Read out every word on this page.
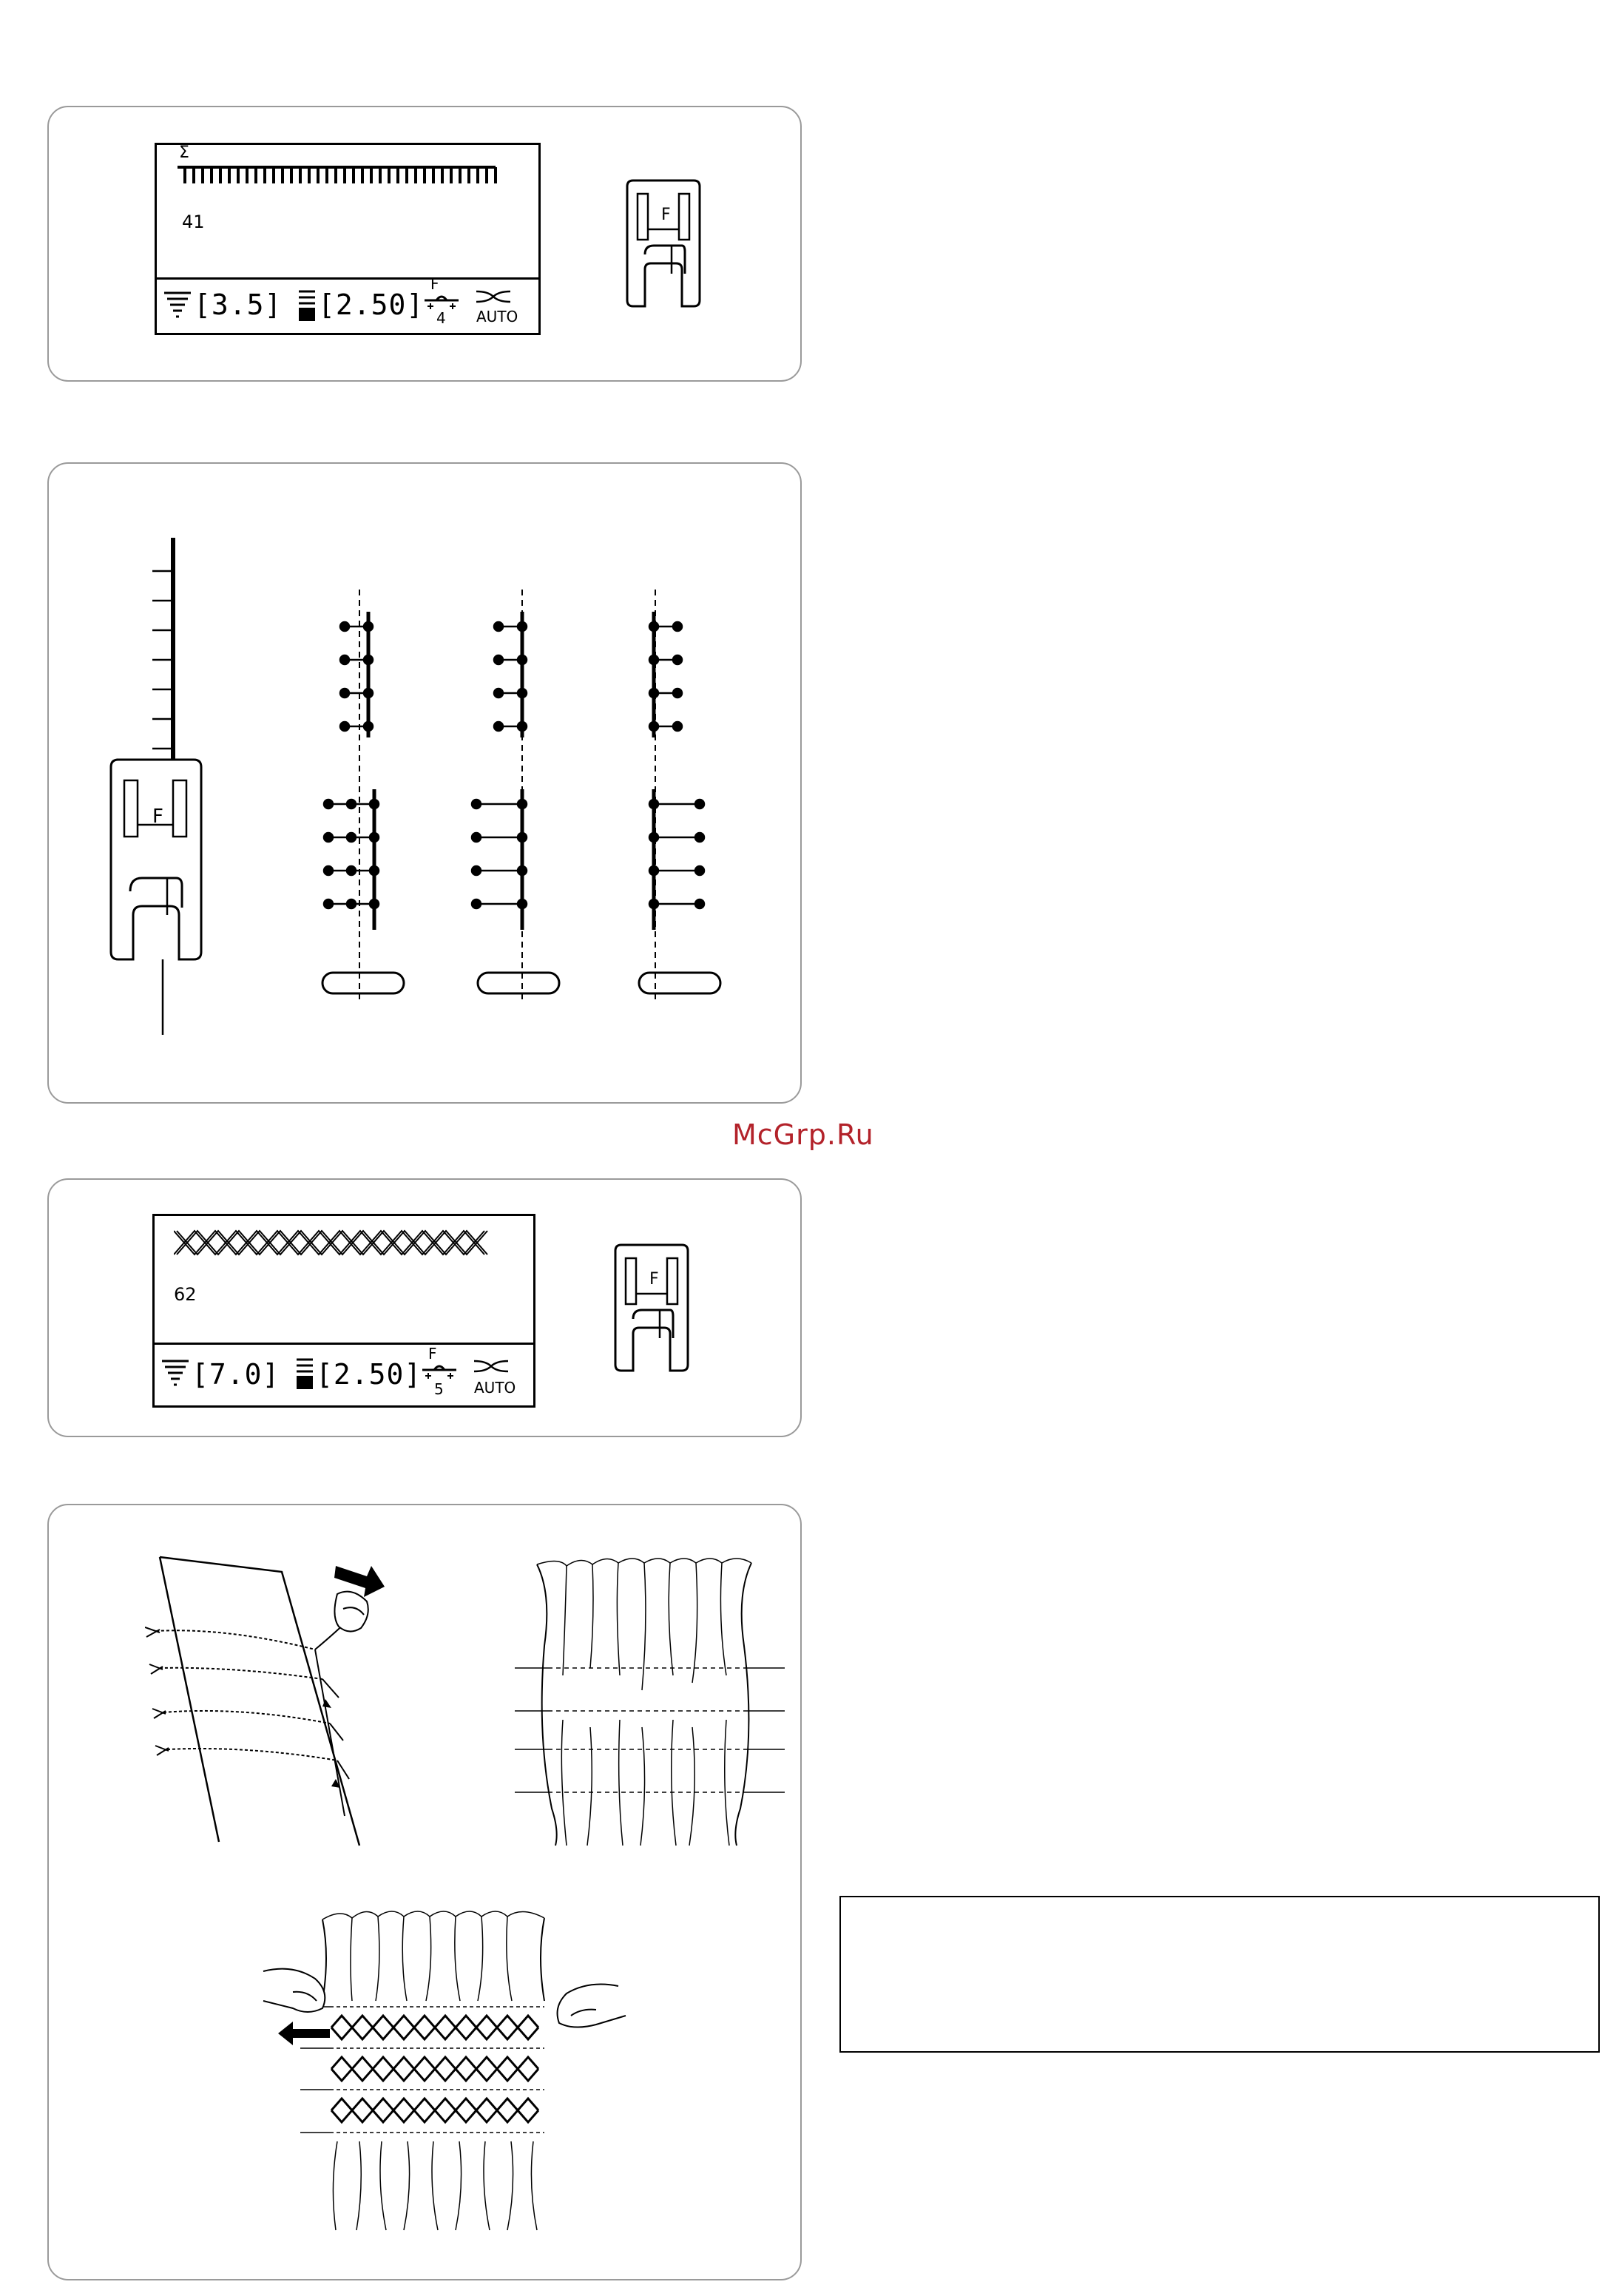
Σ
41
[3.5] [2.50]
F
4 AUTO
F
F
McGrp.Ru
62
[7.0] [2.50]
F
5 AUTO
F
